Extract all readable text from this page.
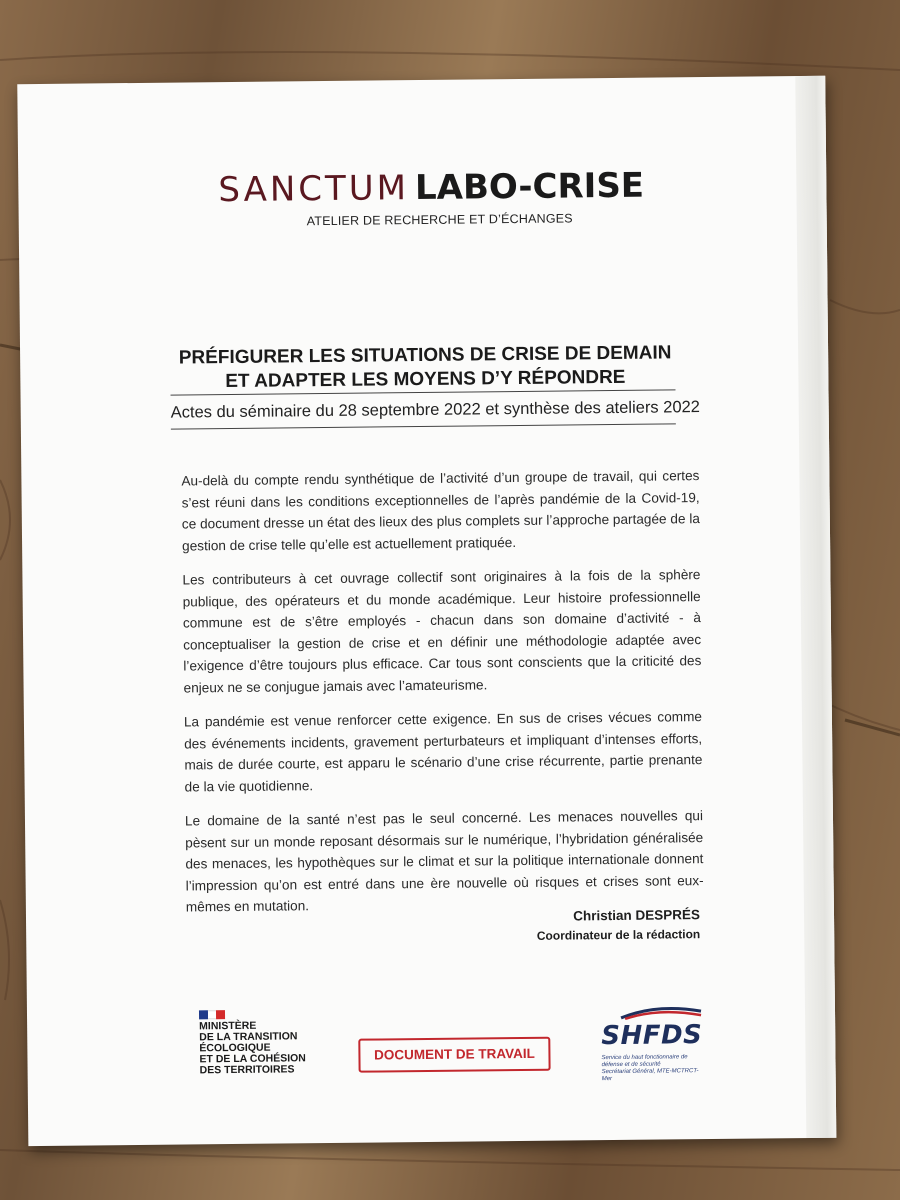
SANCTUM LABO-CRISE
ATELIER DE RECHERCHE ET D’ÉCHANGES
PRÉFIGURER LES SITUATIONS DE CRISE DE DEMAIN
ET ADAPTER LES MOYENS D’Y RÉPONDRE
Actes du séminaire du 28 septembre 2022 et synthèse des ateliers 2022

Au-delà du compte rendu synthétique de l’activité d’un groupe de travail, qui certes s’est réuni dans les conditions exceptionnelles de l’après pandémie de la Covid-19, ce document dresse un état des lieux des plus complets sur l’approche partagée de la gestion de crise telle qu’elle est actuellement pratiquée.

Les contributeurs à cet ouvrage collectif sont originaires à la fois de la sphère publique, des opérateurs et du monde académique. Leur histoire professionnelle commune est de s’être employés - chacun dans son domaine d’activité - à conceptualiser la gestion de crise et en définir une méthodologie adaptée avec l’exigence d’être toujours plus efficace. Car tous sont conscients que la criticité des enjeux ne se conjugue jamais avec l’amateurisme.

La pandémie est venue renforcer cette exigence. En sus de crises vécues comme des événements incidents, gravement perturbateurs et impliquant d’intenses efforts, mais de durée courte, est apparu le scénario d’une crise récurrente, partie prenante de la vie quotidienne.

Le domaine de la santé n’est pas le seul concerné. Les menaces nouvelles qui pèsent sur un monde reposant désormais sur le numérique, l’hybridation généralisée des menaces, les hypothèques sur le climat et sur la politique internationale donnent l’impression qu’on est entré dans une ère nouvelle où risques et crises sont eux-mêmes en mutation.

Christian DESPRÉS
Coordinateur de la rédaction
MINISTÈRE
DE LA TRANSITION
ÉCOLOGIQUE
ET DE LA COHÉSION
DES TERRITOIRES
DOCUMENT DE TRAVAIL
SHFDS
Service du haut fonctionnaire de défense et de sécurité
Secrétariat Général, MTE-MCTRCT-Mer
